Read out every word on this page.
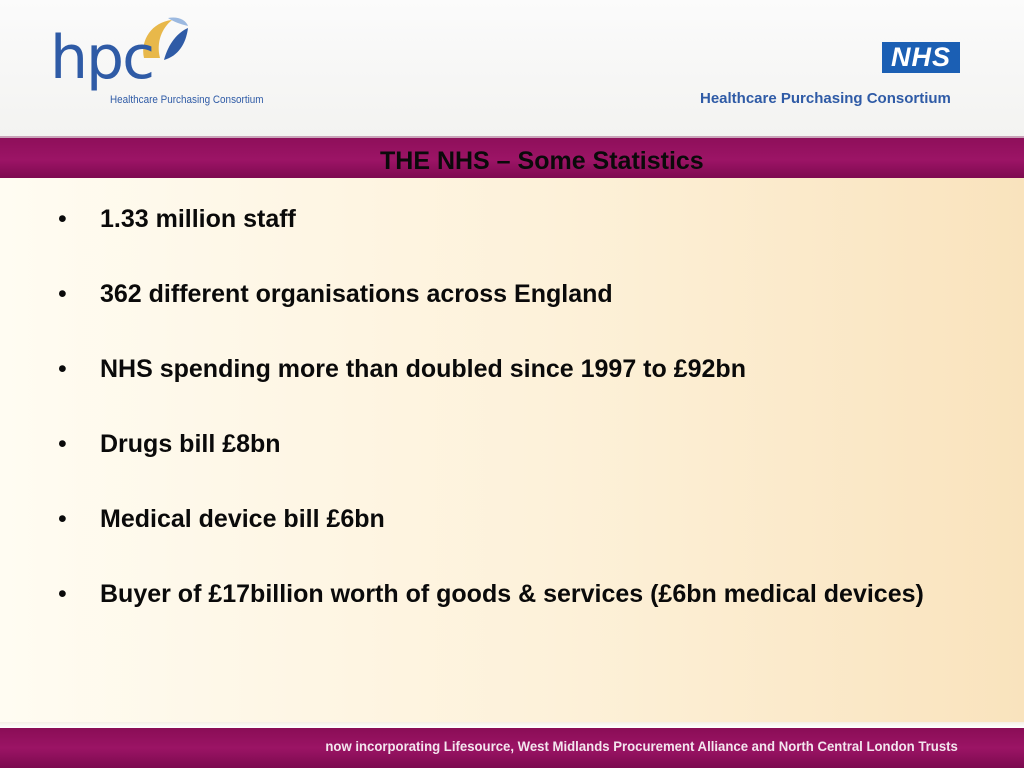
hpc
Healthcare Purchasing Consortium
NHS
Healthcare Purchasing Consortium
THE NHS – Some Statistics
• 1.33 million staff
• 362 different organisations across England
• NHS spending more than doubled since 1997 to £92bn
• Drugs bill £8bn
• Medical device bill £6bn
• Buyer of £17billion worth of goods & services (£6bn medical devices)
now incorporating Lifesource, West Midlands Procurement Alliance and North Central London Trusts
